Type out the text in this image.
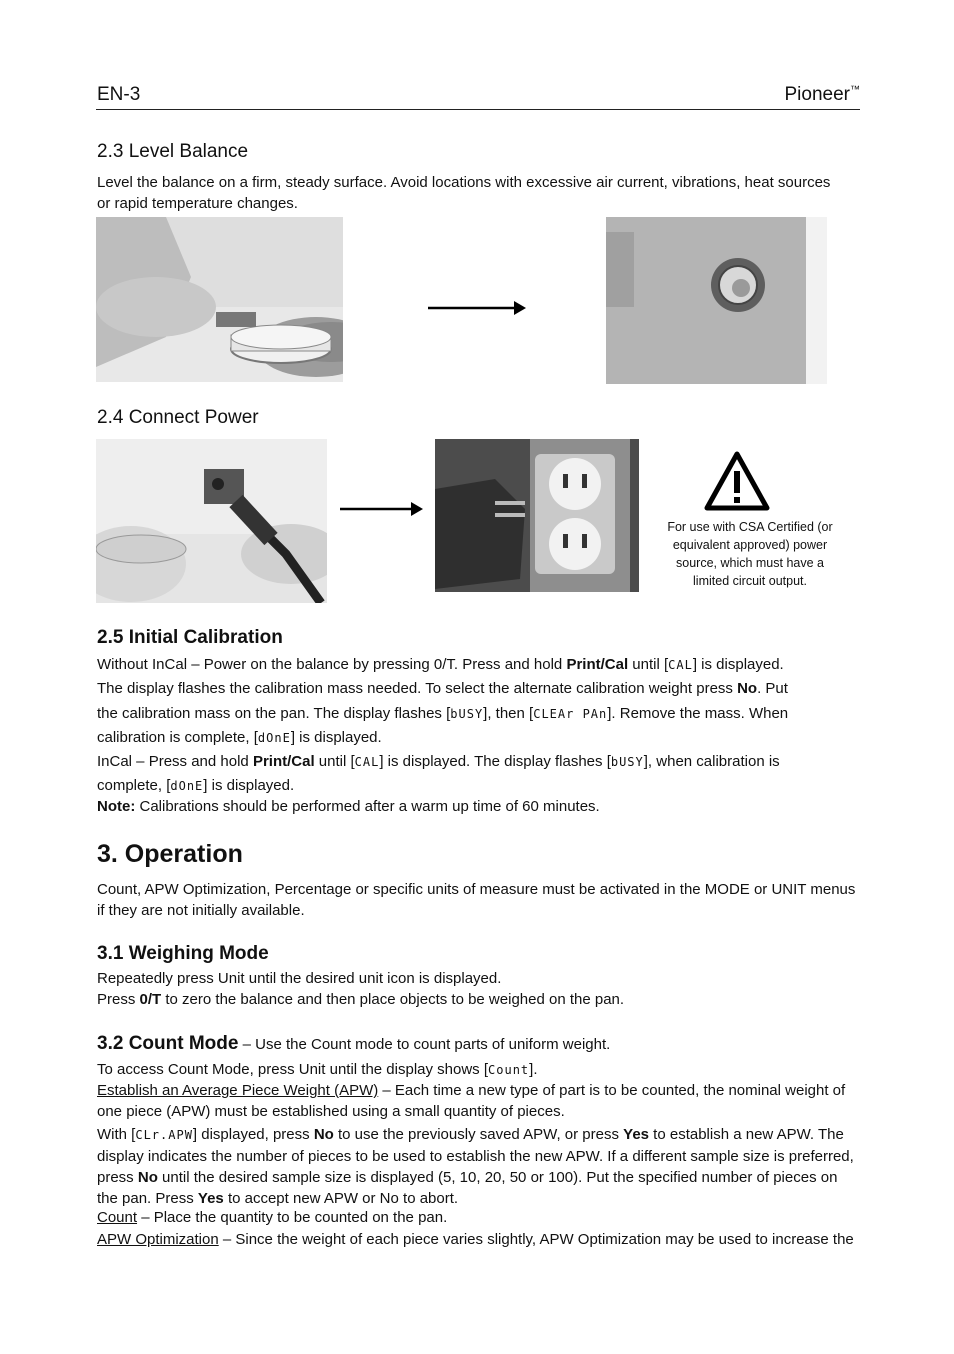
EN-3	Pioneer™
2.3 Level Balance
Level the balance on a firm, steady surface. Avoid locations with excessive air current, vibrations, heat sources or rapid temperature changes.
2.4 Connect Power
For use with CSA Certified (or equivalent approved) power source, which must have a limited circuit output.
2.5 Initial Calibration
Without InCal – Power on the balance by pressing 0/T. Press and hold Print/Cal until [CAL] is displayed.
The display flashes the calibration mass needed. To select the alternate calibration weight press No. Put
the calibration mass on the pan. The display flashes [bUSY], then [CLEAr PAn]. Remove the mass. When
calibration is complete, [dOnE] is displayed.
InCal – Press and hold Print/Cal until [CAL] is displayed. The display flashes [bUSY], when calibration is
complete, [dOnE] is displayed.
Note: Calibrations should be performed after a warm up time of 60 minutes.
3. Operation
Count, APW Optimization, Percentage or specific units of measure must be activated in the MODE or UNIT menus if they are not initially available.
3.1 Weighing Mode
Repeatedly press Unit until the desired unit icon is displayed.
Press 0/T to zero the balance and then place objects to be weighed on the pan.
3.2 Count Mode – Use the Count mode to count parts of uniform weight.
To access Count Mode, press Unit until the display shows [Count].
Establish an Average Piece Weight (APW) – Each time a new type of part is to be counted, the nominal weight of one piece (APW) must be established using a small quantity of pieces.
With [CLr.APW] displayed, press No to use the previously saved APW, or press Yes to establish a new APW. The display indicates the number of pieces to be used to establish the new APW. If a different sample size is preferred, press No until the desired sample size is displayed (5, 10, 20, 50 or 100). Put the specified number of pieces on the pan. Press Yes to accept new APW or No to abort.
Count – Place the quantity to be counted on the pan.
APW Optimization – Since the weight of each piece varies slightly, APW Optimization may be used to increase the
